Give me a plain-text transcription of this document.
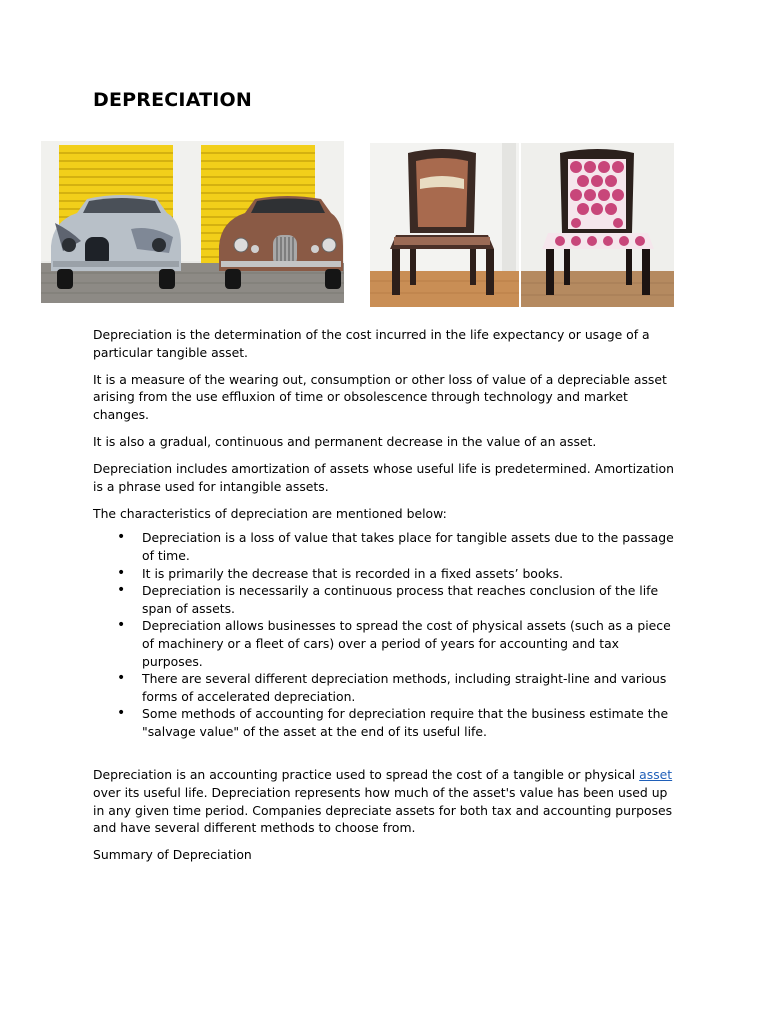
DEPRECIATION

Depreciation is the determination of the cost incurred in the life expectancy or usage of a particular tangible asset.

It is a measure of the wearing out, consumption or other loss of value of a depreciable asset arising from the use effluxion of time or obsolescence through technology and market changes.

It is also a gradual, continuous and permanent decrease in the value of an asset.

Depreciation includes amortization of assets whose useful life is predetermined. Amortization is a phrase used for intangible assets.

The characteristics of depreciation are mentioned below:

• Depreciation is a loss of value that takes place for tangible assets due to the passage of time.
• It is primarily the decrease that is recorded in a fixed assets’ books.
• Depreciation is necessarily a continuous process that reaches conclusion of the life span of assets.
• Depreciation allows businesses to spread the cost of physical assets (such as a piece of machinery or a fleet of cars) over a period of years for accounting and tax purposes.
• There are several different depreciation methods, including straight-line and various forms of accelerated depreciation.
• Some methods of accounting for depreciation require that the business estimate the "salvage value" of the asset at the end of its useful life.

Depreciation is an accounting practice used to spread the cost of a tangible or physical asset over its useful life. Depreciation represents how much of the asset's value has been used up in any given time period. Companies depreciate assets for both tax and accounting purposes and have several different methods to choose from.

Summary of Depreciation
